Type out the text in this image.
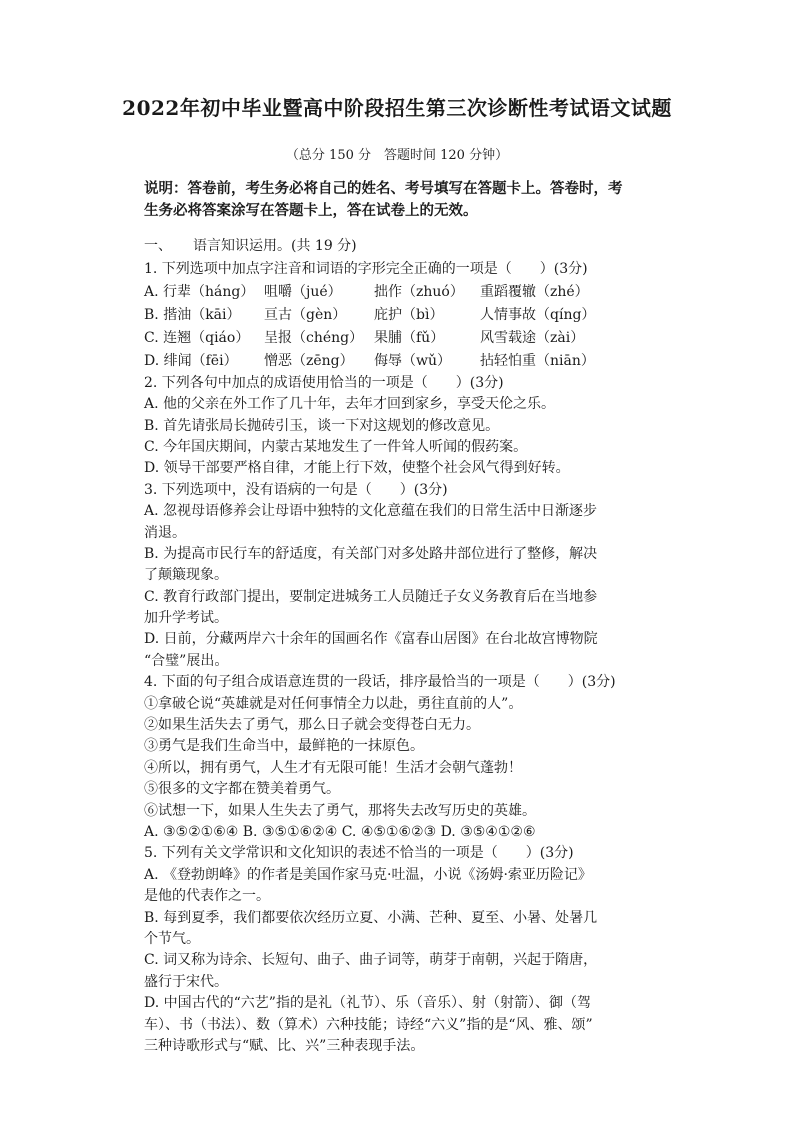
2022年初中毕业暨高中阶段招生第三次诊断性考试语文试题
（总分 150 分　答题时间 120 分钟）

说明：答卷前，考生务必将自己的姓名、考号填写在答题卡上。答卷时，考

生务必将答案涂写在答题卡上，答在试卷上的无效。

一、　　语言知识运用。(共 19 分)
1. 下列选项中加点字注音和词语的字形完全正确的一项是（　　）(3分)
A. 行辈（háng） 咀嚼（jué）	拙作（zhuó）	重蹈覆辙（zhé）
B. 揩油（kāi）	亘古（gèn）	庇护（bì）	人情事故（qíng）
C. 连翘（qiáo）	呈报（chéng） 果脯（fǔ）	风雪载途（zài）
D. 绯闻（fēi）	憎恶（zēng）	侮辱（wǔ）	拈轻怕重（niān）
2. 下列各句中加点的成语使用恰当的一项是（　　）(3分)
A. 他的父亲在外工作了几十年，去年才回到家乡，享受天伦之乐。
B. 首先请张局长抛砖引玉，谈一下对这规划的修改意见。
C. 今年国庆期间，内蒙古某地发生了一件耸人听闻的假药案。
D. 领导干部要严格自律，才能上行下效，使整个社会风气得到好转。
3. 下列选项中，没有语病的一句是（　　）(3分)
A. 忽视母语修养会让母语中独特的文化意蕴在我们的日常生活中日渐逐步
消退。
B. 为提高市民行车的舒适度，有关部门对多处路井部位进行了整修，解决
了颠簸现象。
C. 教育行政部门提出，要制定进城务工人员随迁子女义务教育后在当地参
加升学考试。
D. 日前，分藏两岸六十余年的国画名作《富春山居图》在台北故宫博物院
“合璧”展出。
4. 下面的句子组合成语意连贯的一段话，排序最恰当的一项是（　　）(3分)
①拿破仑说“英雄就是对任何事情全力以赴，勇往直前的人”。
②如果生活失去了勇气，那么日子就会变得苍白无力。
③勇气是我们生命当中，最鲜艳的一抹原色。
④所以，拥有勇气，人生才有无限可能！生活才会朝气蓬勃！
⑤很多的文字都在赞美着勇气。
⑥试想一下，如果人生失去了勇气，那将失去改写历史的英雄。
A. ③⑤②①⑥④ B. ③⑤①⑥②④ C. ④⑤①⑥②③ D. ③⑤④①②⑥
5. 下列有关文学常识和文化知识的表述不恰当的一项是（　　）(3分)
A. 《登勃朗峰》的作者是美国作家马克·吐温，小说《汤姆·索亚历险记》
是他的代表作之一。
B. 每到夏季，我们都要依次经历立夏、小满、芒种、夏至、小暑、处暑几
个节气。
C. 词又称为诗余、长短句、曲子、曲子词等，萌芽于南朝，兴起于隋唐，
盛行于宋代。
D. 中国古代的“六艺”指的是礼（礼节）、乐（音乐）、射（射箭）、御（驾
车）、书（书法）、数（算术）六种技能；诗经“六义”指的是“风、雅、颂”
三种诗歌形式与“赋、比、兴”三种表现手法。
